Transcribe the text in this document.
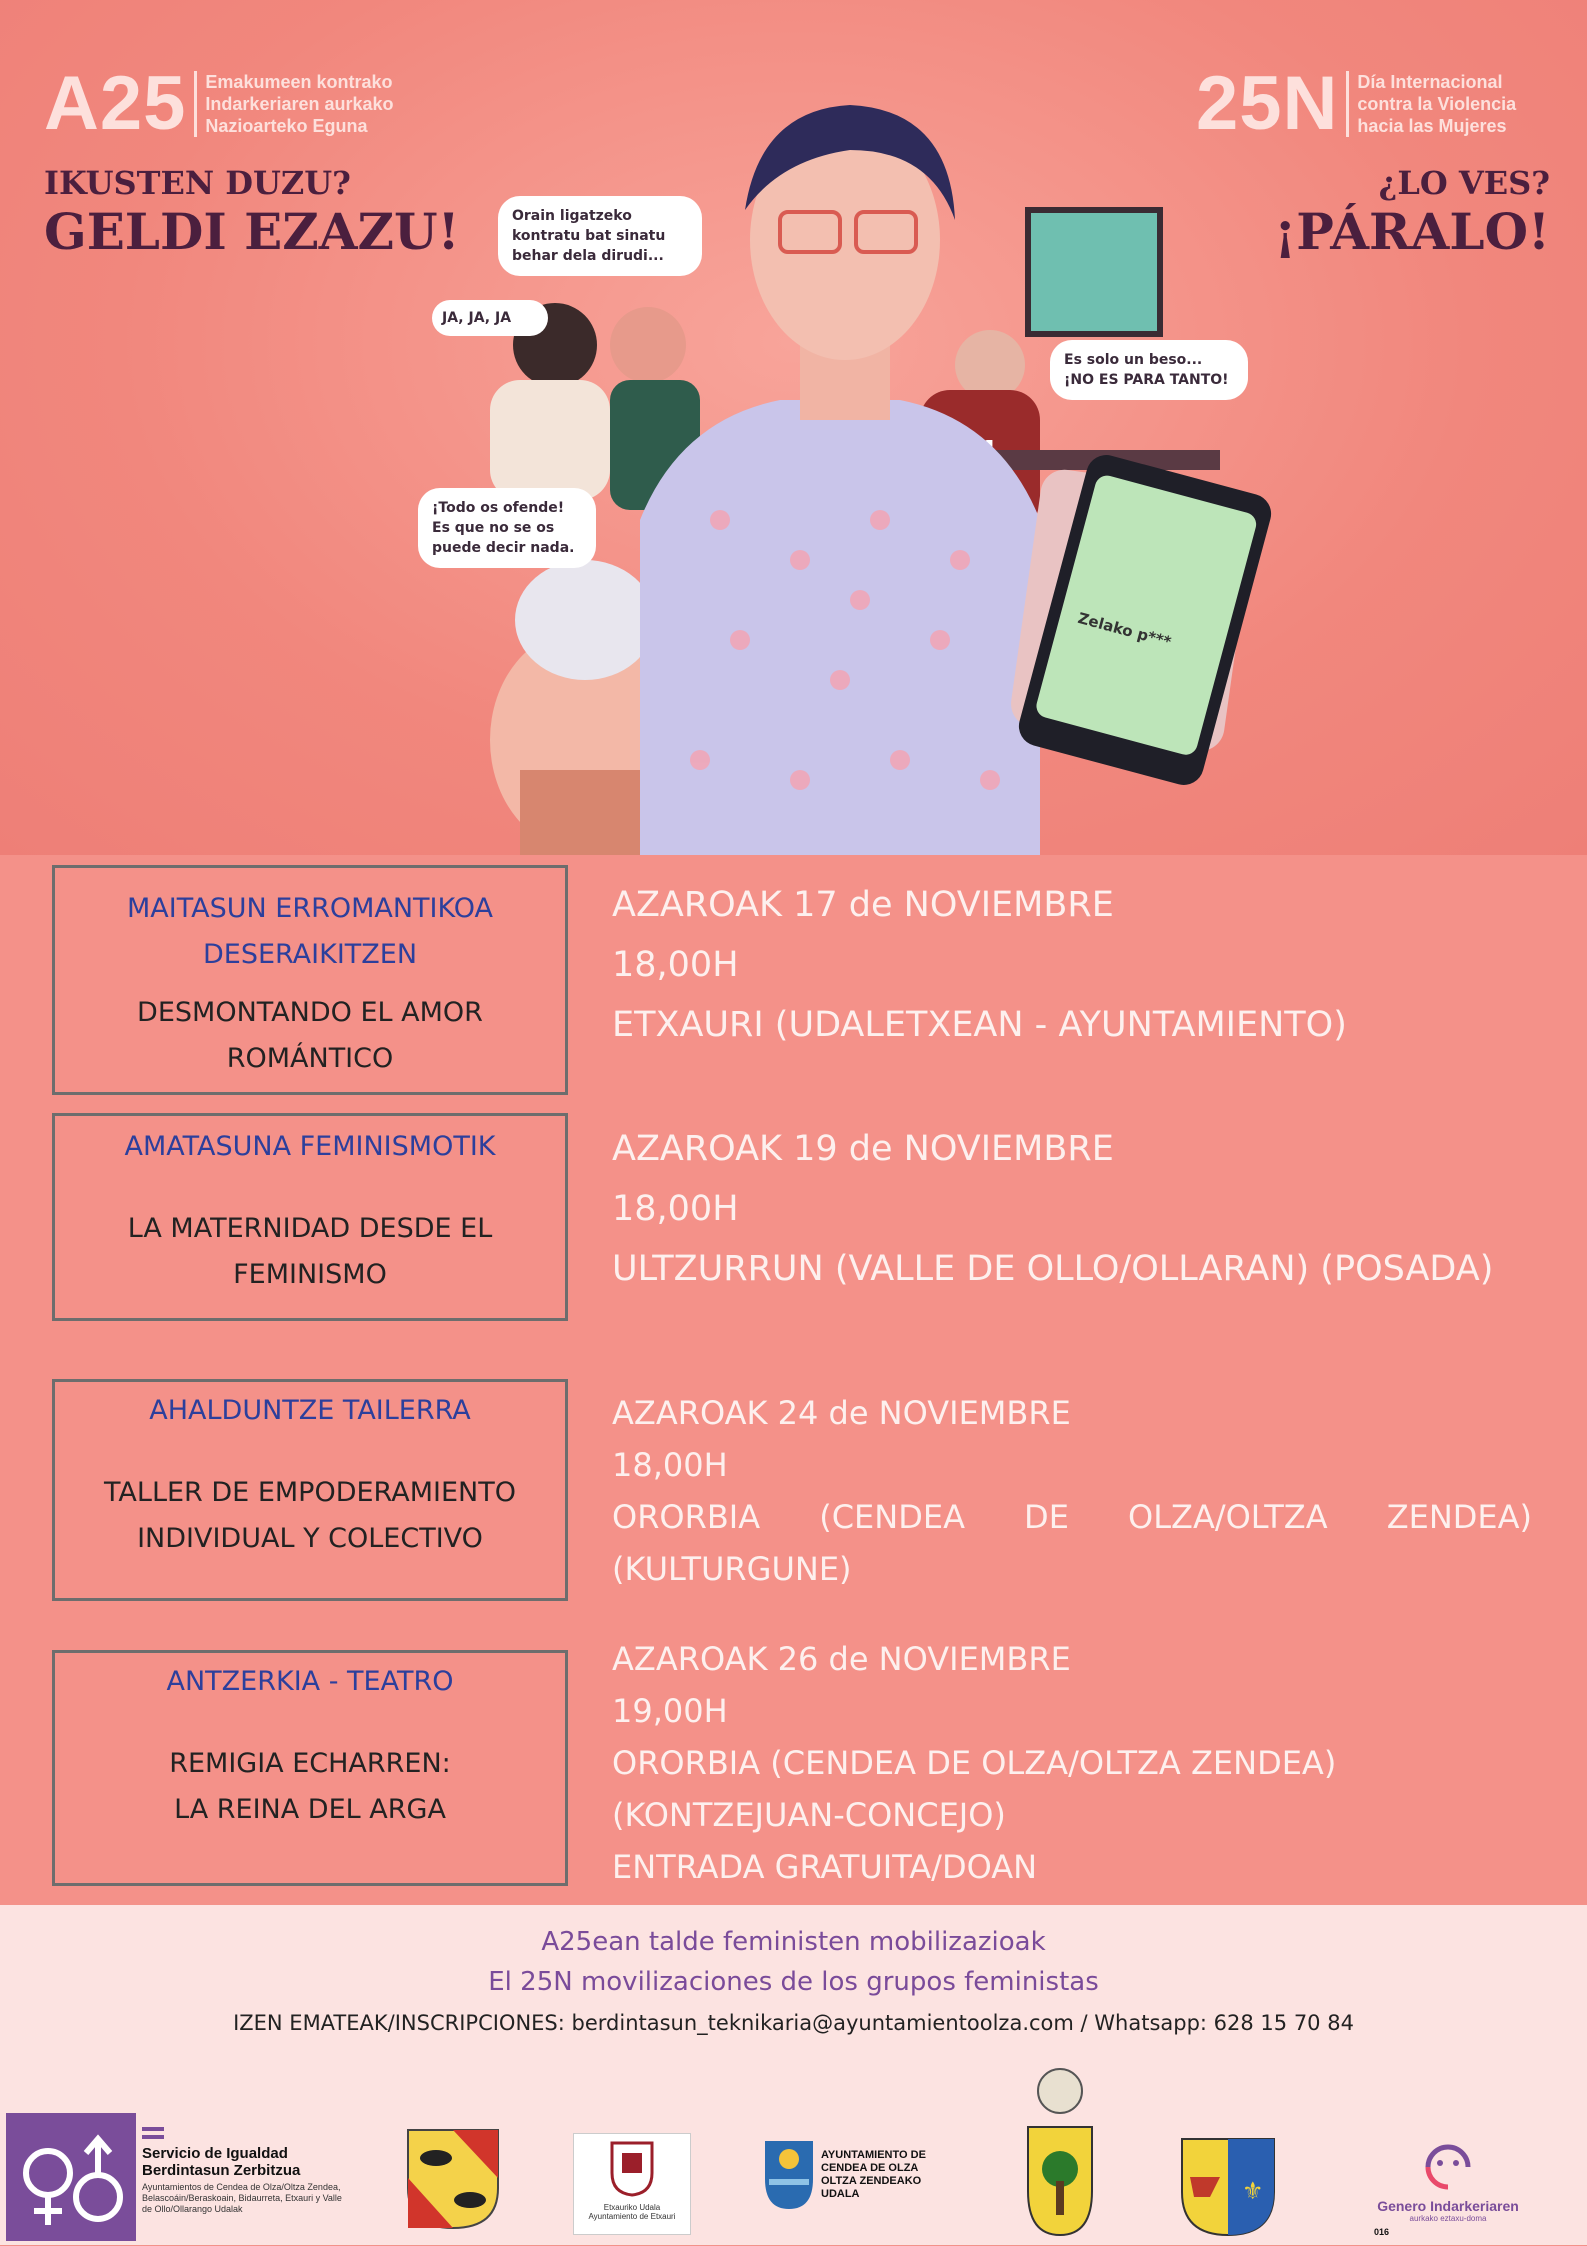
A25 Emakumeen kontrako
Indarkeriaren aurkako
Nazioarteko Eguna	25N Día Internacional
contra la Violencia
hacia las Mujeres
IKUSTEN DUZU?
GELDI EZAZU!
¿LO VES?
¡PÁRALO!
Zelako p***
Orain ligatzeko kontratu bat sinatu behar dela dirudi...
JA, JA, JA
Es solo un beso... ¡NO ES PARA TANTO!
¡Todo os ofende! Es que no se os puede decir nada.
MAITASUN ERROMANTIKOA DESERAIKITZEN
DESMONTANDO EL AMOR ROMÁNTICO
AZAROAK 17 de NOVIEMBRE
18,00H
ETXAURI (UDALETXEAN - AYUNTAMIENTO)
AMATASUNA FEMINISMOTIK
LA MATERNIDAD DESDE EL FEMINISMO
AZAROAK 19 de NOVIEMBRE
18,00H
ULTZURRUN (VALLE DE OLLO/OLLARAN) (POSADA)
AHALDUNTZE TAILERRA
TALLER DE EMPODERAMIENTO INDIVIDUAL Y COLECTIVO
AZAROAK 24 de NOVIEMBRE
18,00H
ORORBIA (CENDEA DE OLZA/OLTZA ZENDEA) (KULTURGUNE)
ANTZERKIA - TEATRO
REMIGIA ECHARREN:
LA REINA DEL ARGA
AZAROAK 26 de NOVIEMBRE
19,00H
ORORBIA (CENDEA DE OLZA/OLTZA ZENDEA)
(KONTZEJUAN-CONCEJO)
ENTRADA GRATUITA/DOAN
A25ean talde feministen mobilizazioak
El 25N movilizaciones de los grupos feministas
IZEN EMATEAK/INSCRIPCIONES: berdintasun_teknikaria@ayuntamientoolza.com / Whatsapp: 628 15 70 84
Servicio de Igualdad
Berdintasun Zerbitzua
Ayuntamientos de Cendea de Olza/Oltza Zendea, Belascoáin/Beraskoain, Bidaurreta, Etxauri y Valle de Ollo/Ollarango Udalak	Etxauriko Udala
Ayuntamiento de Etxauri
AYUNTAMIENTO DE
CENDEA DE OLZA
OLTZA ZENDEAKO
UDALA	⚜
Genero Indarkeriaren
aurkako eztaxu-doma
016
